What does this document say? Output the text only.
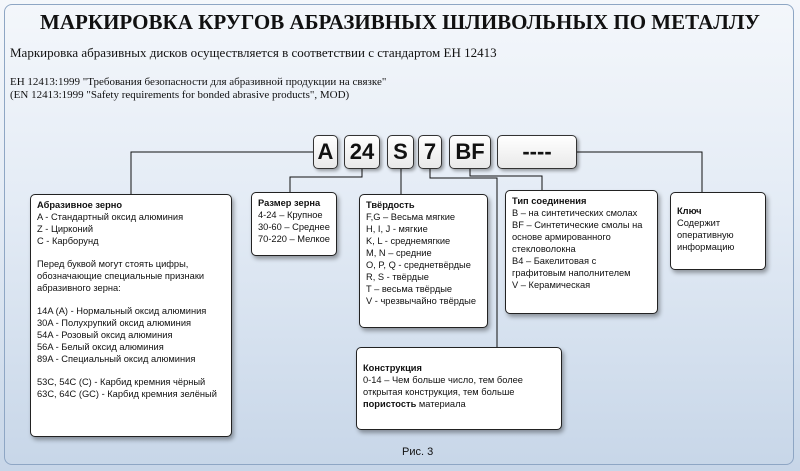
МАРКИРОВКА КРУГОВ АБРАЗИВНЫХ ШЛИВОЛЬНЫХ ПО МЕТАЛЛУ
Маркировка абразивных дисков осуществляется в соответствии с стандартом ЕН 12413
ЕН 12413:1999 "Требования безопасности для абразивной продукции на связке"
(EN 12413:1999 "Safety requirements for bonded abrasive products", MOD)
A 24 S 7 BF	----
Абразивное зерно
A - Стандартный оксид алюминия
Z - Цирконий
C - Карборунд
Перед буквой могут стоять цифры,
обозначающие специальные признаки
абразивного зерна:
14A (A) - Нормальный оксид алюминия
30A - Полухрупкий оксид алюминия
54A - Розовый оксид алюминия
56A - Белый оксид алюминия
89A - Специальный оксид алюминия
53C, 54C (C) - Карбид кремния чёрный
63C, 64C (GC) - Карбид кремния зелёный
Размер зерна
4-24 – Крупное
30-60 – Среднее
70-220 – Мелкое
Твёрдость
F,G – Весьма мягкие
H, I, J - мягкие
K, L - среднемягкие
M, N – средние
O, P, Q - среднетвёрдые
R, S - твёрдые
T – весьма твёрдые
V - чрезвычайно твёрдые
Тип соединения
B – на синтетических смолах
BF – Синтетические смолы на
основе армированного
стекловолокна
B4 – Бакелитовая с
графитовым наполнителем
V – Керамическая
Ключ
Содержит
оперативную
информацию
Конструкция
0-14 – Чем больше число, тем более
открытая конструкция, тем больше
пористость материала
Рис. 3
